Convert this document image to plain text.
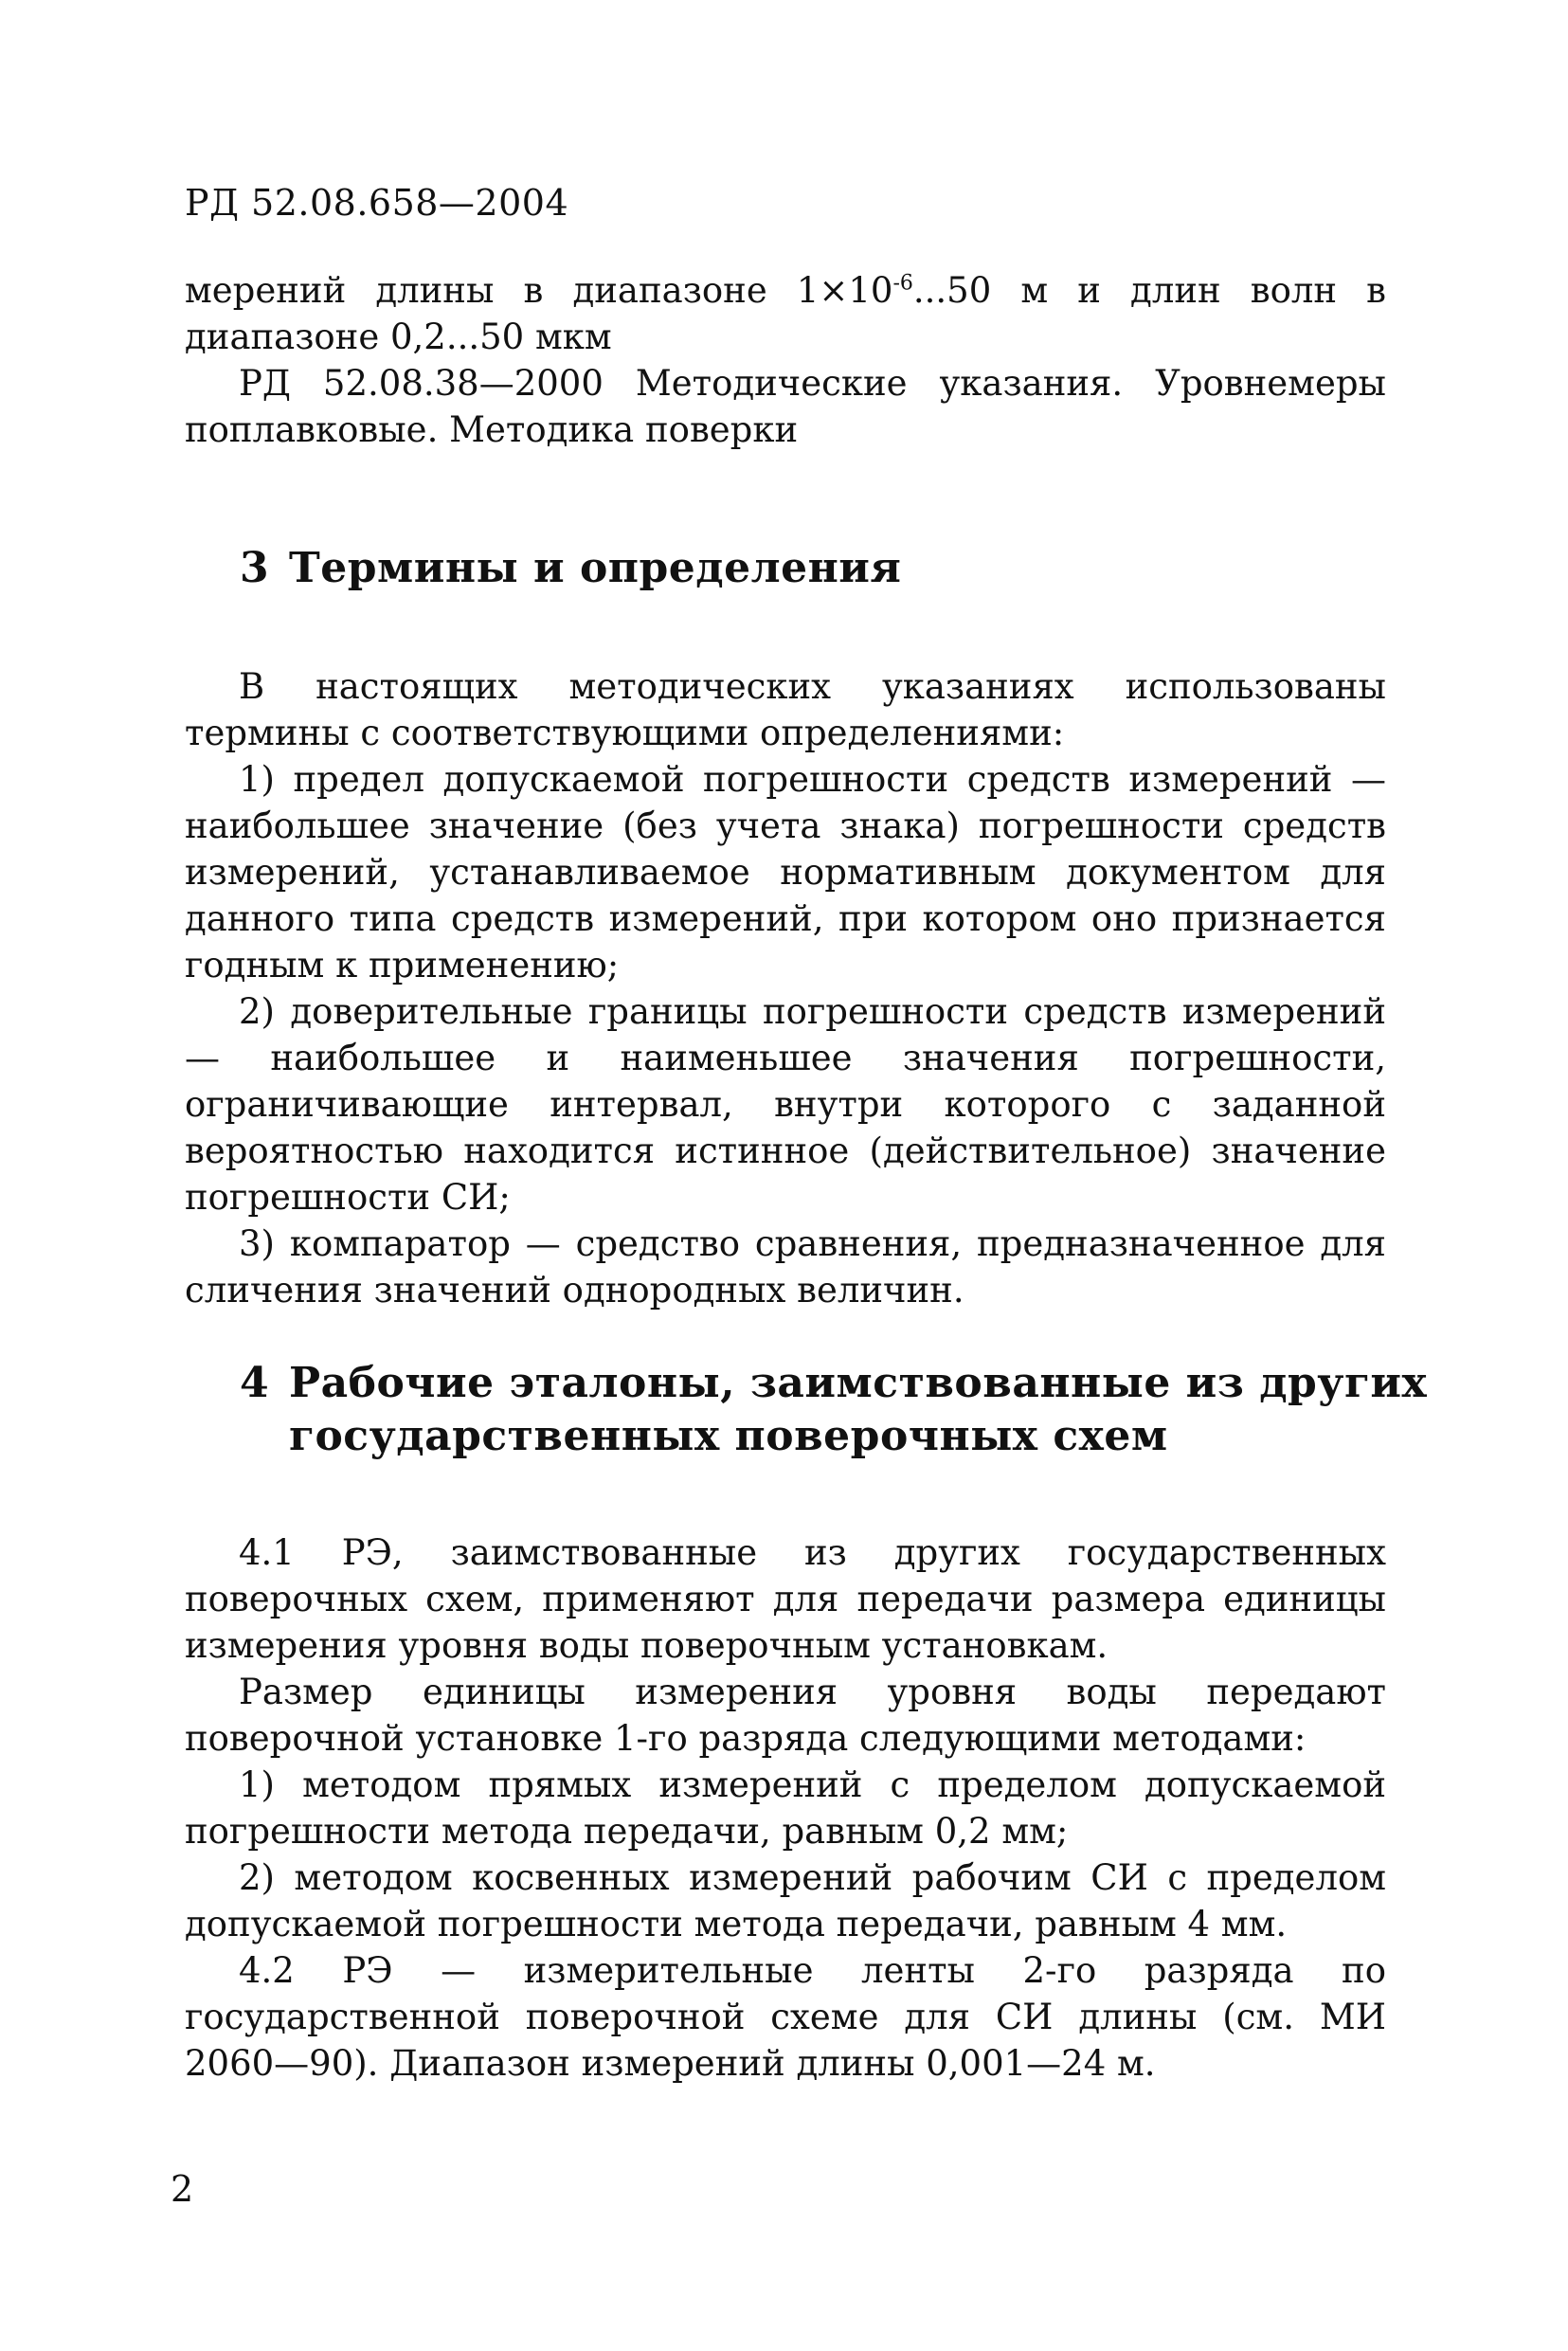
РД 52.08.658—2004

мерений длины в диапазоне $1\times 10^{-6}...50$ м и длин волн в диапазоне 0,2...50 мкм

РД 52.08.38—2000 Методические указания. Уровнемеры поплавковые. Методика поверки

3 Термины и определения

В настоящих методических указаниях использованы термины с соответствующими определениями:

1) предел допускаемой погрешности средств измерений — наибольшее значение (без учета знака) погрешности средств измерений, устанавливаемое нормативным документом для данного типа средств измерений, при котором оно признается годным к применению;

2) доверительные границы погрешности средств измерений — наибольшее и наименьшее значения погрешности, ограничивающие интервал, внутри которого с заданной вероятностью находится истинное (действительное) значение погрешности СИ;

3) компаратор — средство сравнения, предназначенное для сличения значений однородных величин.

4 Рабочие эталоны, заимствованные из других
государственных поверочных схем

4.1 РЭ, заимствованные из других государственных поверочных схем, применяют для передачи размера единицы измерения уровня воды поверочным установкам.

Размер единицы измерения уровня воды передают поверочной установке 1-го разряда следующими методами:

1) методом прямых измерений с пределом допускаемой погрешности метода передачи, равным 0,2 мм;

2) методом косвенных измерений рабочим СИ с пределом допускаемой погрешности метода передачи, равным 4 мм.

4.2 РЭ — измерительные ленты 2-го разряда по государственной поверочной схеме для СИ длины (см. МИ 2060—90). Диапазон измерений длины 0,001—24 м.

2
